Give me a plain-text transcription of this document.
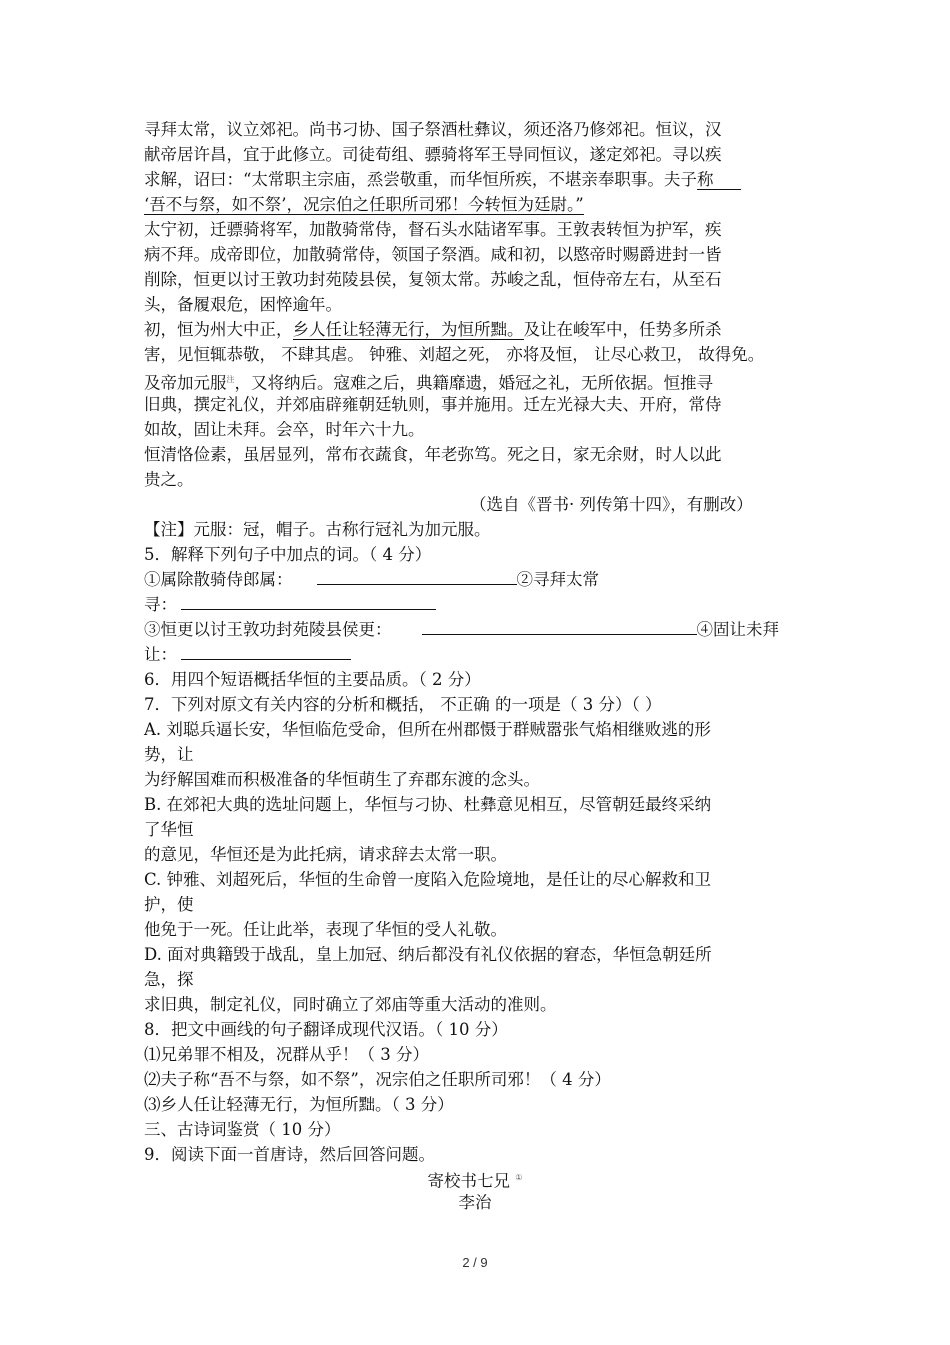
寻拜太常，议立郊祀。尚书刁协、国子祭酒杜彝议，须还洛乃修郊祀。恒议，汉
献帝居许昌，宜于此修立。司徒荀组、骠骑将军王导同恒议，遂定郊祀。寻以疾
求解，诏曰：“太常职主宗庙，烝尝敬重，而华恒所疾，不堪亲奉职事。夫子称
‘吾不与祭，如不祭’，况宗伯之任职所司邪！今转恒为廷尉。”
太宁初，迁骠骑将军，加散骑常侍，督石头水陆诸军事。王敦表转恒为护军，疾
病不拜。成帝即位，加散骑常侍，领国子祭酒。咸和初，以愍帝时赐爵进封一皆
削除，恒更以讨王敦功封苑陵县侯，复领太常。苏峻之乱，恒侍帝左右，从至石
头，备履艰危，困悴逾年。
初，恒为州大中正，乡人任让轻薄无行，为恒所黜。及让在峻军中，任势多所杀
害，见恒辄恭敬， 不肆其虐。 钟雅、刘超之死， 亦将及恒， 让尽心救卫， 故得免。
及帝加元服$^注$，又将纳后。寇难之后，典籍靡遗，婚冠之礼，无所依据。恒推寻
旧典，撰定礼仪，并郊庙辟雍朝廷轨则，事并施用。迁左光禄大夫、开府，常侍
如故，固让未拜。会卒，时年六十九。
恒清恪俭素，虽居显列，常布衣蔬食，年老弥笃。死之日，家无余财，时人以此
贵之。
（选自《晋书· 列传第十四》，有删改）
【注】元服：冠，帽子。古称行冠礼为加元服。
5．解释下列句子中加点的词。（ 4 分）
①属除散骑侍郎属：	②寻拜太常
寻：
③恒更以讨王敦功封苑陵县侯更：	④固让未拜
让：
6．用四个短语概括华恒的主要品质。（ 2 分）
7．下列对原文有关内容的分析和概括， 不正确 的一项是（ 3 分）（ ）
A. 刘聪兵逼长安，华恒临危受命，但所在州郡慑于群贼嚣张气焰相继败逃的形
势，让
为纾解国难而积极准备的华恒萌生了弃郡东渡的念头。
B. 在郊祀大典的选址问题上，华恒与刁协、杜彝意见相互，尽管朝廷最终采纳
了华恒
的意见，华恒还是为此托病，请求辞去太常一职。
C. 钟雅、刘超死后，华恒的生命曾一度陷入危险境地，是任让的尽心解救和卫
护，使
他免于一死。任让此举，表现了华恒的受人礼敬。
D. 面对典籍毁于战乱，皇上加冠、纳后都没有礼仪依据的窘态，华恒急朝廷所
急，探
求旧典，制定礼仪，同时确立了郊庙等重大活动的准则。
8．把文中画线的句子翻译成现代汉语。（ 10 分）
⑴兄弟罪不相及，况群从乎！（ 3 分）
⑵夫子称“吾不与祭，如不祭”，况宗伯之任职所司邪！（ 4 分）
⑶乡人任让轻薄无行，为恒所黜。（ 3 分）
三、古诗词鉴赏（ 10 分）
9．阅读下面一首唐诗，然后回答问题。
寄校书七兄 ①
李治
2 / 9
